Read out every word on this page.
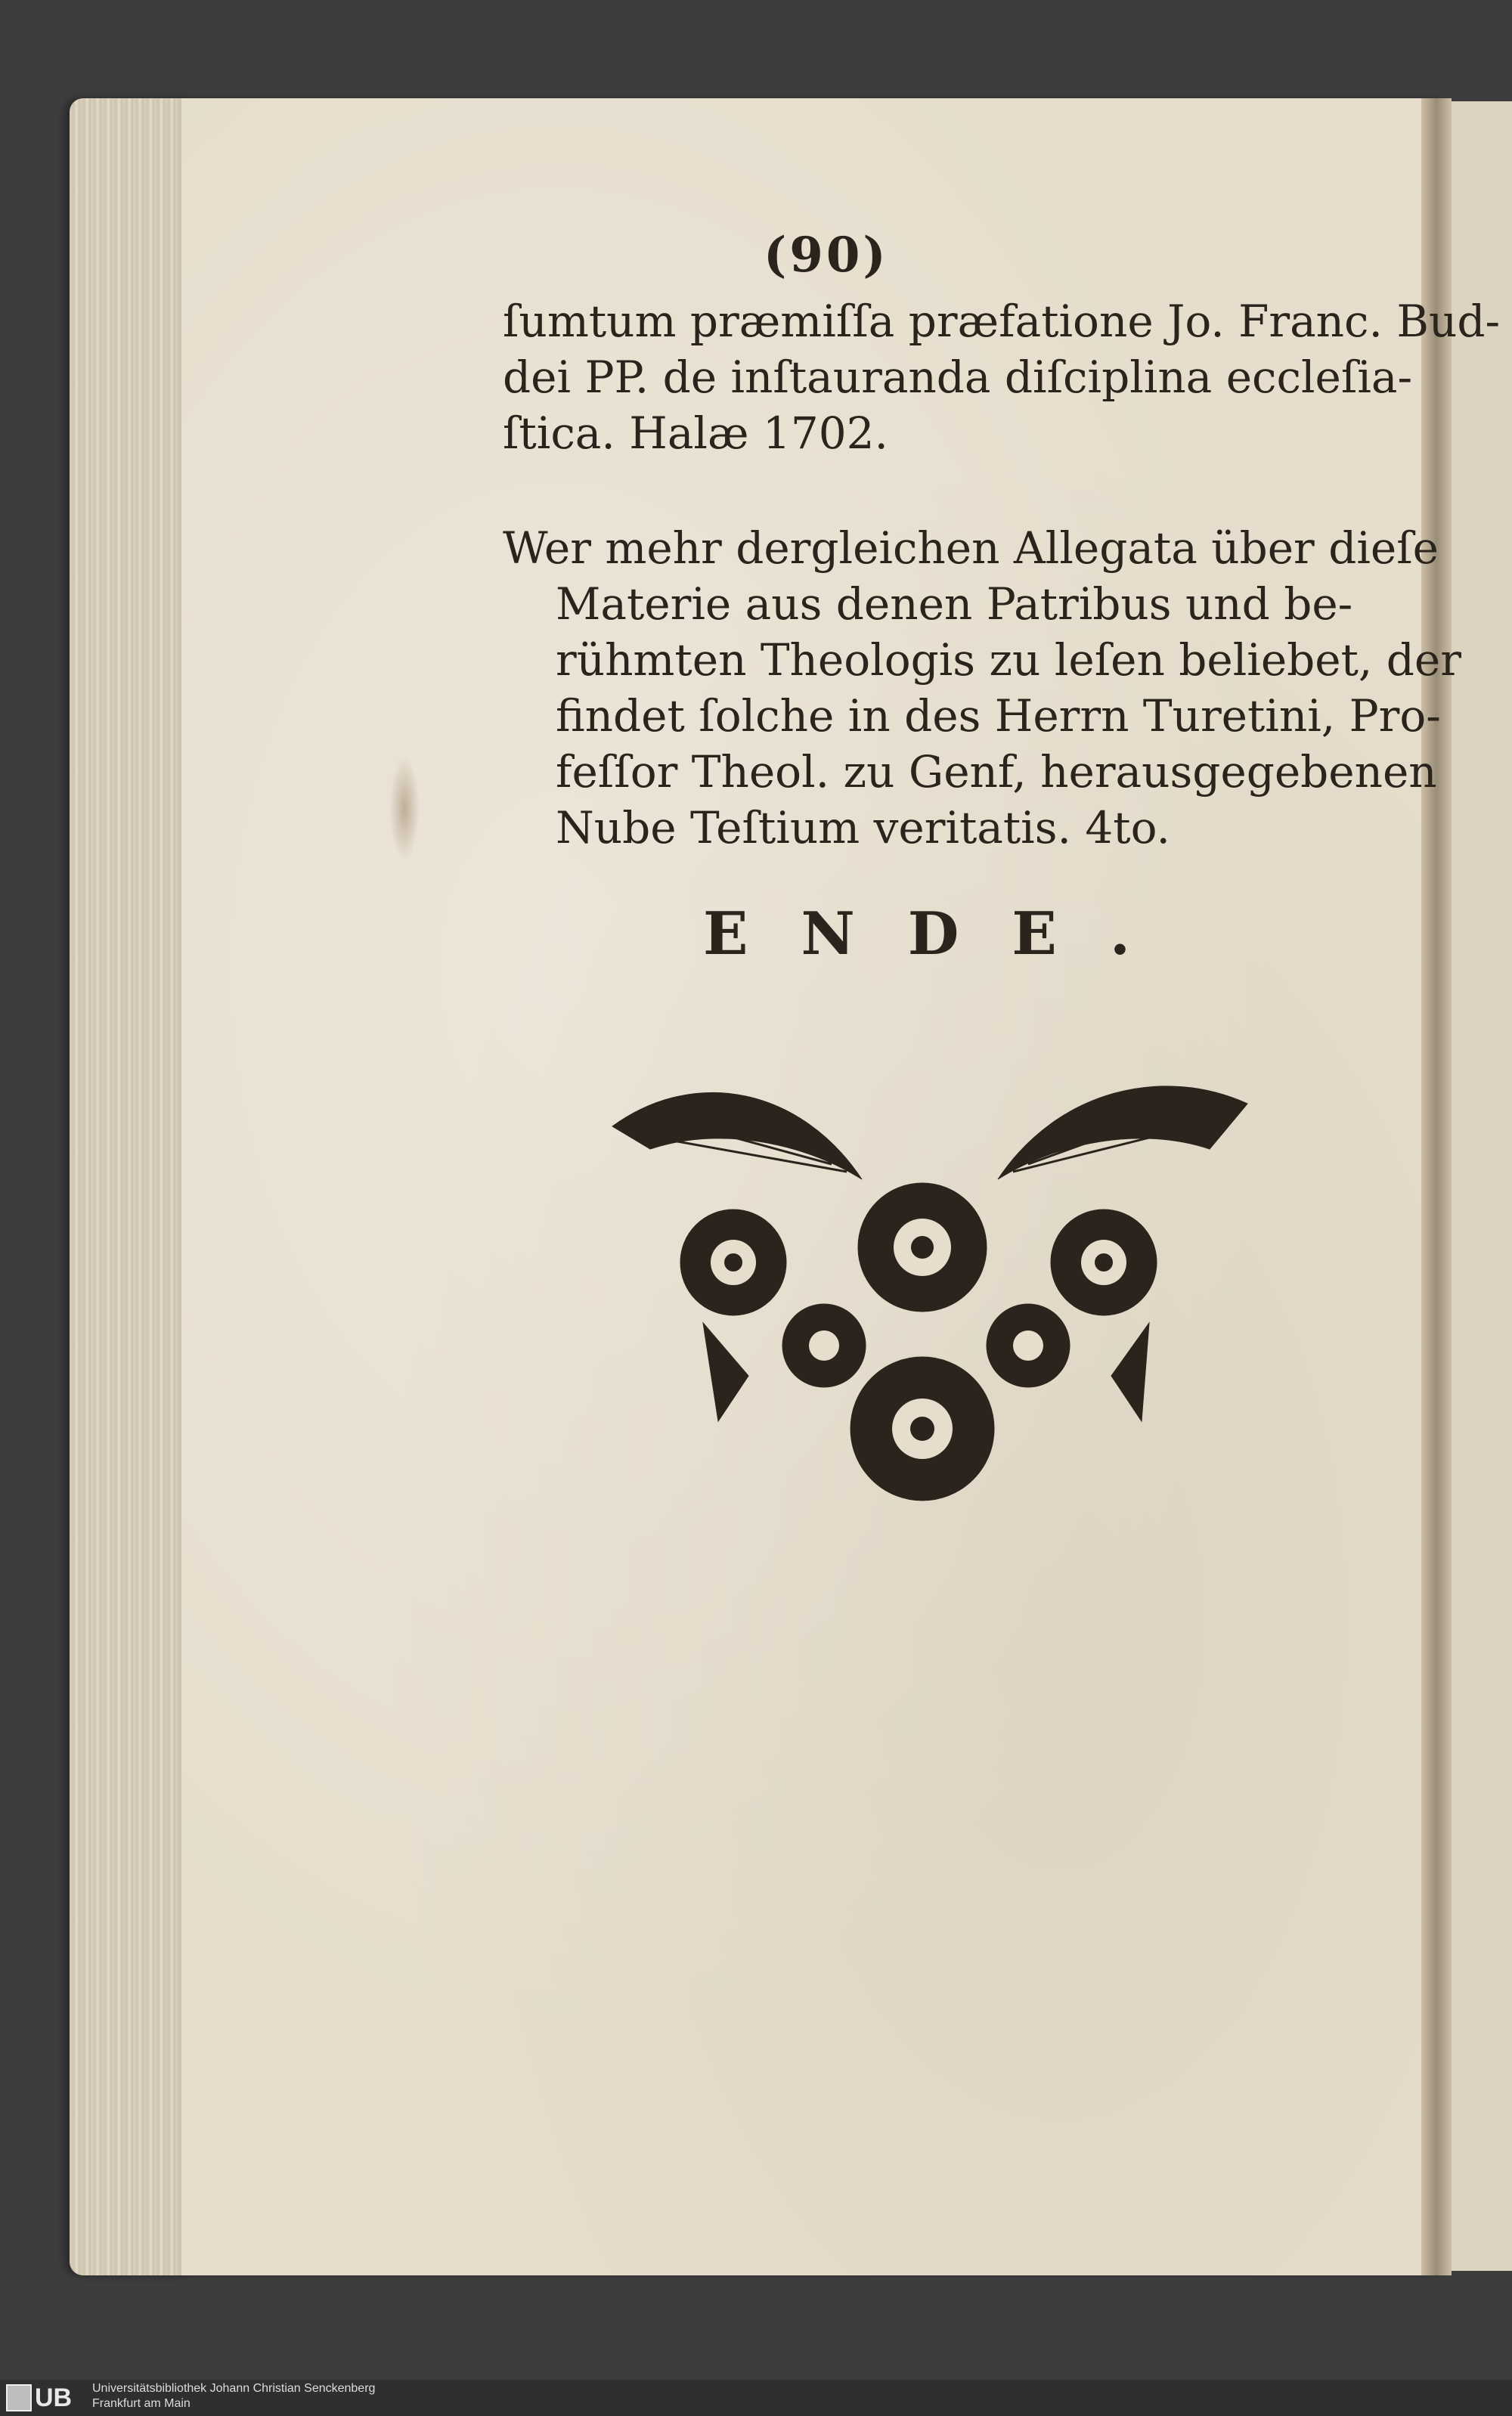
(90)
ſumtum præmiſſa præfatione Jo. Franc. Bud-
dei PP. de inſtauranda diſciplina eccleſia-
ſtica. Halæ 1702.
Wer mehr dergleichen Allegata über dieſe
Materie aus denen Patribus und be-
rühmten Theologis zu leſen beliebet, der
findet ſolche in des Herrn Turetini, Pro-
feſſor Theol. zu Genf, herausgegebenen
Nube Teſtium veritatis. 4to.
ENDE.
UB Universitätsbibliothek Johann Christian Senckenberg
Frankfurt am Main
